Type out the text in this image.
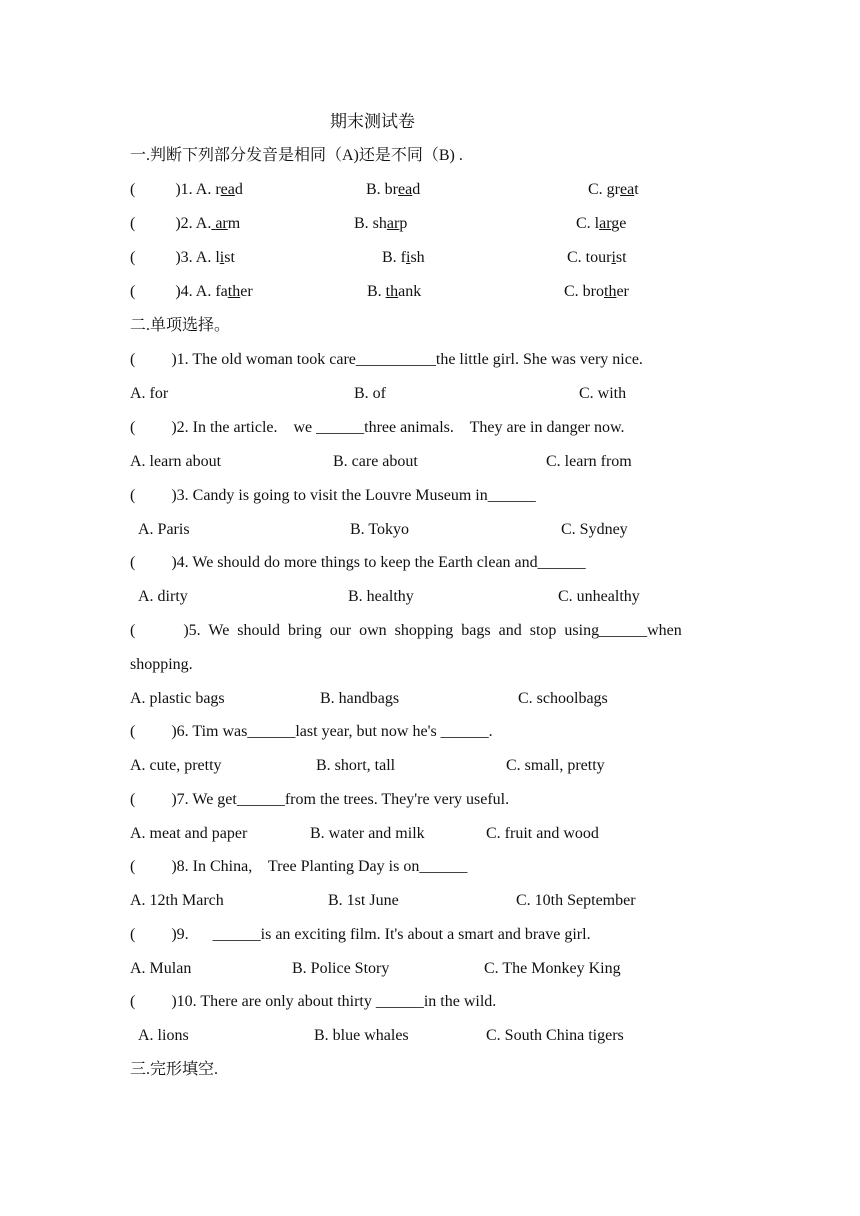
期末测试卷
一.判断下列部分发音是相同（A)还是不同（B) .
(          )1. A. read	B. bread	C. great
(          )2. A. arm	B. sharp	C. large
(          )3. A. list	B. fish	C. tourist
(          )4. A. father	B. thank	C. brother
二.单项选择。
(         )1. The old woman took care__________the little girl. She was very nice.
A. for	B. of	C. with
(         )2. In the article.    we ______three animals.    They are in danger now.
A. learn about	B. care about	C. learn from
(         )3. Candy is going to visit the Louvre Museum in______
A. Paris	B. Tokyo	C. Sydney
(         )4. We should do more things to keep the Earth clean and______
A. dirty	B. healthy	C. unhealthy
(            )5.  We  should  bring  our  own  shopping  bags  and  stop  using______when
shopping.
A. plastic bags	B. handbags	C. schoolbags
(         )6. Tim was______last year, but now he's ______.
A. cute, pretty	B. short, tall	C. small, pretty
(         )7. We get______from the trees. They're very useful.
A. meat and paper	B. water and milk	C. fruit and wood
(         )8. In China,    Tree Planting Day is on______
A. 12th March	B. 1st June	C. 10th September
(         )9.      ______is an exciting film. It's about a smart and brave girl.
A. Mulan	B. Police Story	C. The Monkey King
(         )10. There are only about thirty ______in the wild.
A. lions	B. blue whales	C. South China tigers
三.完形填空.
